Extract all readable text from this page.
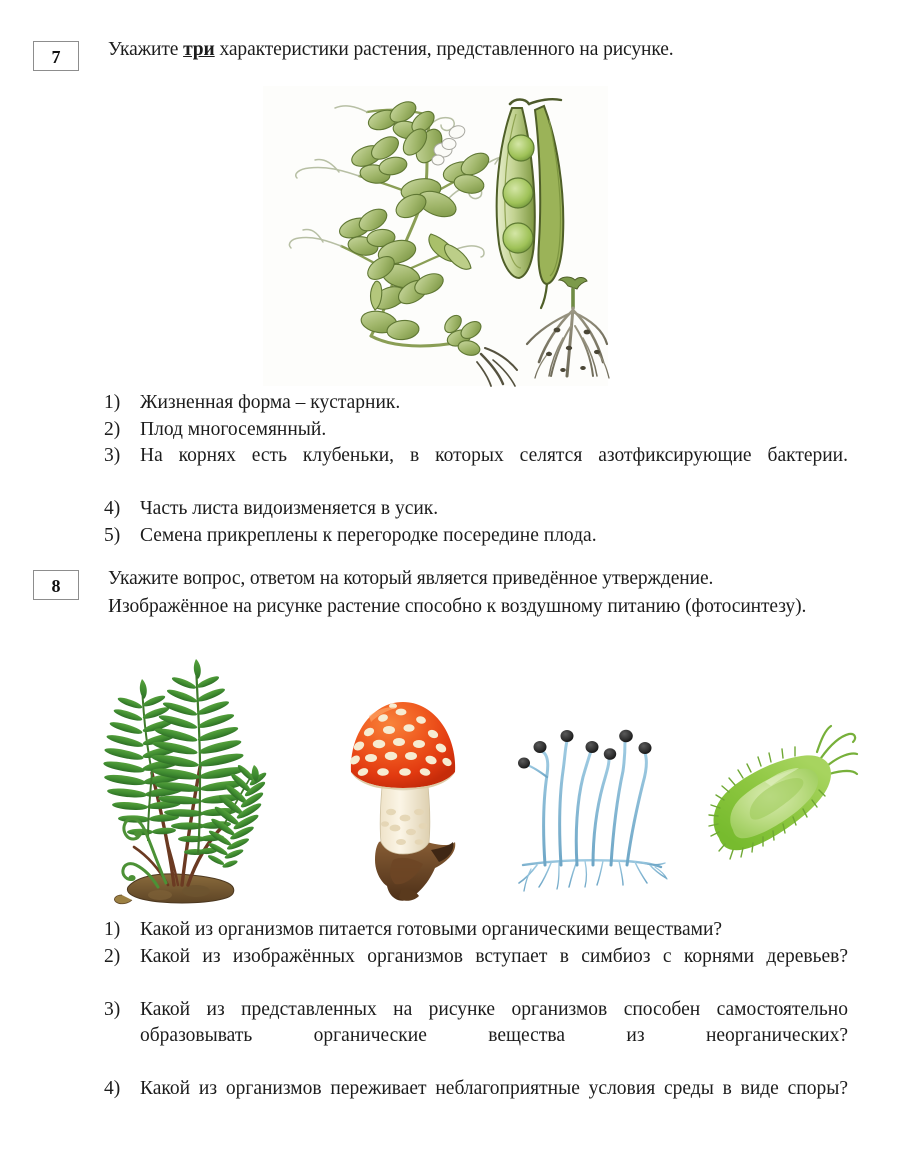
7	Укажите три характеристики растения, представленного на рисунке.

1)	Жизненная форма – кустарник.
2)	Плод многосемянный.
3)	На корнях есть клубеньки, в которых селятся азотфиксирующие бактерии.
4)	Часть листа видоизменяется в усик.
5)	Семена прикреплены к перегородке посередине плода.
8	Укажите вопрос, ответом на который является приведённое утверждение.
Изображённое на рисунке растение способно к воздушному питанию (фотосинтезу).

1)	Какой из организмов питается готовыми органическими веществами?
2)	Какой из изображённых организмов вступает в симбиоз с корнями деревьев?
3)	Какой из представленных на рисунке организмов способен самостоятельно образовывать органические вещества из неорганических?
4)	Какой из организмов переживает неблагоприятные условия среды в виде споры?
